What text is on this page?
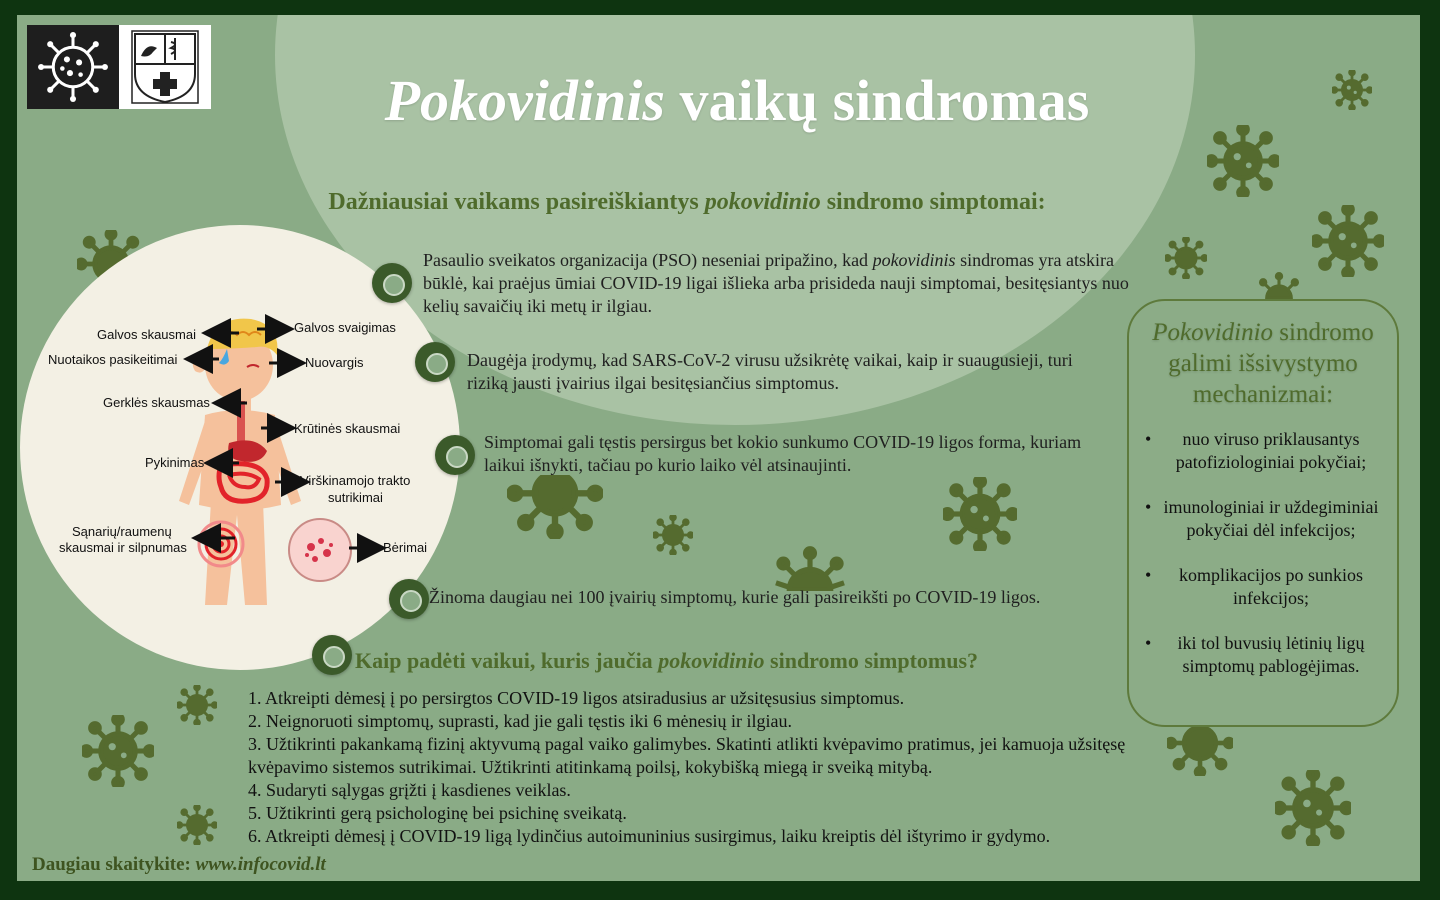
Pokovidinis vaikų sindromas
Dažniausiai vaikams pasireiškiantys pokovidinio sindromo simptomai:
Galvos skausmai	Galvos svaigimas
Nuotaikos pasikeitimai	Nuovargis
Gerklės skausmas
Krūtinės skausmai
Pykinimas
Virškinamojo trakto
sutrikimai
Sąnarių/raumenų
skausmai ir silpnumas	Bėrimai

Pasaulio sveikatos organizacija (PSO) neseniai pripažino, kad pokovidinis sindromas yra atskira būklė, kai praėjus ūmiai COVID-19 ligai išlieka arba prisideda nauji simptomai, besitęsiantys nuo kelių savaičių iki metų ir ilgiau.

Daugėja įrodymų, kad SARS-CoV-2 virusu užsikrėtę vaikai, kaip ir suaugusieji, turi riziką jausti įvairius ilgai besitęsiančius simptomus.

Simptomai gali tęstis persirgus bet kokio sunkumo COVID-19 ligos forma, kuriam laikui išnykti, tačiau po kurio laiko vėl atsinaujinti.

Žinoma daugiau nei 100 įvairių simptomų, kurie gali pasireikšti po COVID-19 ligos.

Kaip padėti vaikui, kuris jaučia pokovidinio sindromo simptomus?
1. Atkreipti dėmesį į po persirgtos COVID-19 ligos atsiradusius ar užsitęsusius simptomus.
2. Neignoruoti simptomų, suprasti, kad jie gali tęstis iki 6 mėnesių ir ilgiau.
3. Užtikrinti pakankamą fizinį aktyvumą pagal vaiko galimybes. Skatinti atlikti kvėpavimo pratimus, jei kamuoja užsitęsę kvėpavimo sistemos sutrikimai. Užtikrinti atitinkamą poilsį, kokybišką miegą ir sveiką mitybą.
4. Sudaryti sąlygas grįžti į kasdienes veiklas.
5. Užtikrinti gerą psichologinę bei psichinę sveikatą.
6. Atkreipti dėmesį į COVID-19 ligą lydinčius autoimuninius susirgimus, laiku kreiptis dėl ištyrimo ir gydymo.
Pokovidinio sindromo galimi išsivystymo mechanizmai:
• nuo viruso priklausantys patofiziologiniai pokyčiai;
• imunologiniai ir uždegiminiai pokyčiai dėl infekcijos;
• komplikacijos po sunkios infekcijos;
• iki tol buvusių lėtinių ligų simptomų pablogėjimas.
Daugiau skaitykite: www.infocovid.lt
